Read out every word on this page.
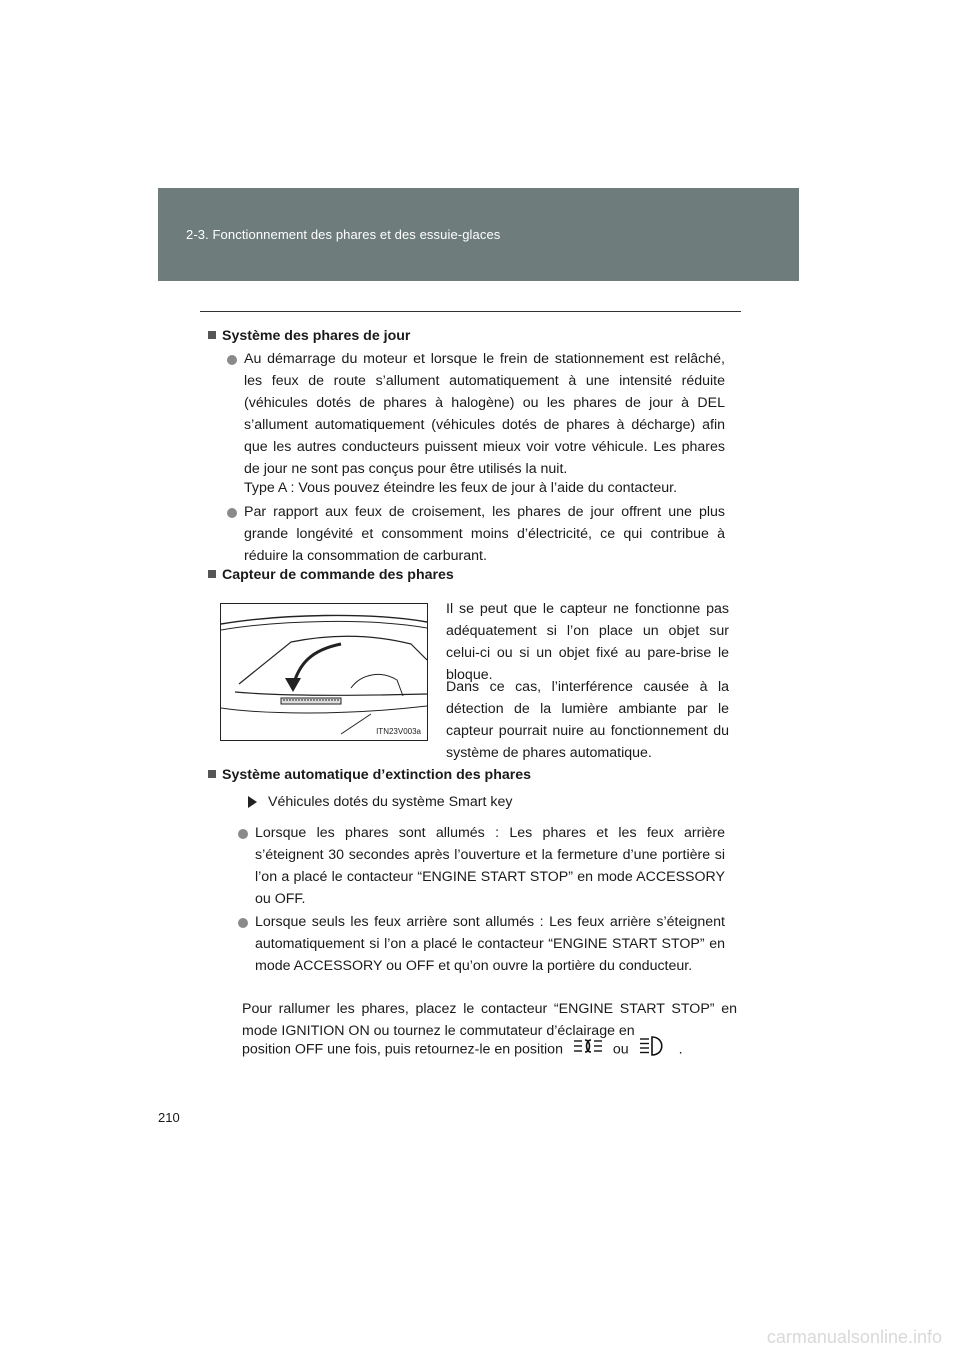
2-3. Fonctionnement des phares et des essuie-glaces
Système des phares de jour
Au démarrage du moteur et lorsque le frein de stationnement est relâché, les feux de route s’allument automatiquement à une intensité réduite (véhicules dotés de phares à halogène) ou les phares de jour à DEL s’allument automatiquement (véhicules dotés de phares à décharge) afin que les autres conducteurs puissent mieux voir votre véhicule. Les phares de jour ne sont pas conçus pour être utilisés la nuit.
Type A : Vous pouvez éteindre les feux de jour à l’aide du contacteur.
Par rapport aux feux de croisement, les phares de jour offrent une plus grande longévité et consomment moins d’électricité, ce qui contribue à réduire la consommation de carburant.
Capteur de commande des phares
ITN23V003a
Il se peut que le capteur ne fonctionne pas adéquatement si l’on place un objet sur celui-ci ou si un objet fixé au pare-brise le bloque.
Dans ce cas, l’interférence causée à la détection de la lumière ambiante par le capteur pourrait nuire au fonctionnement du système de phares automatique.
Système automatique d’extinction des phares
Véhicules dotés du système Smart key
Lorsque les phares sont allumés : Les phares et les feux arrière s’éteignent 30 secondes après l’ouverture et la fermeture d’une portière si l’on a placé le contacteur “ENGINE START STOP” en mode ACCESSORY ou OFF.
Lorsque seuls les feux arrière sont allumés : Les feux arrière s’éteignent automatiquement si l’on a placé le contacteur “ENGINE START STOP” en mode ACCESSORY ou OFF et qu’on ouvre la portière du conducteur.
Pour rallumer les phares, placez le contacteur “ENGINE START STOP” en mode IGNITION ON ou tournez le commutateur d’éclairage en
position OFF une fois, puis retournez-le en position	ou	.
210
carmanualsonline.info
